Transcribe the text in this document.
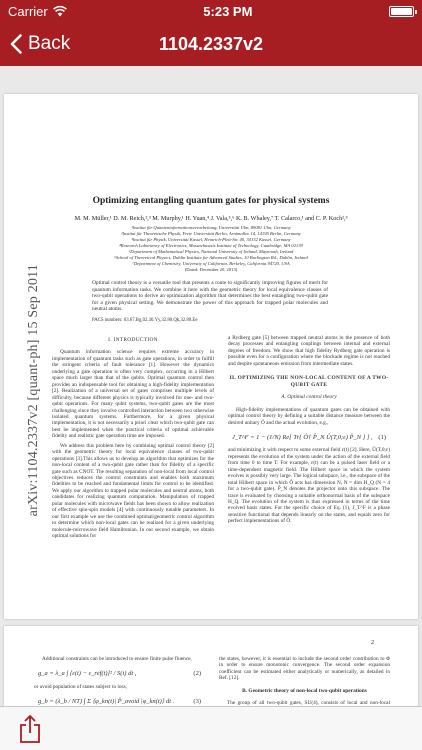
Carrier	5:23 PM
Back	1104.2337v2
arXiv:1104.2337v2 [quant-ph] 15 Sep 2011
Optimizing entangling quantum gates for physical systems
M. M. Müller,¹ D. M. Reich,²,³ M. Murphy,¹ H. Yuan,⁴ J. Vala,⁵,⁶ K. B. Whaley,⁷ T. Calarco,¹ and C. P. Koch²,³
¹Institut für Quanteninformationsverarbeitung, Universität Ulm, 89081 Ulm, Germany
²Institut für Theoretische Physik, Freie Universität Berlin, Arnimallee 14, 14195 Berlin, Germany
³Institut für Physik, Universität Kassel, Heinrich-Plett-Str. 40, 34132 Kassel, Germany
⁴Research Laboratory of Electronics, Massachusetts Institute of Technology, Cambridge, MA 02139
⁵Department of Mathematical Physics, National University of Ireland, Maynooth, Ireland
⁶School of Theoretical Physics, Dublin Institute for Advanced Studies, 10 Burlington Rd., Dublin, Ireland
⁷Department of Chemistry, University of California, Berkeley, California 94720, USA
(Dated: December 20, 2013)
Optimal control theory is a versatile tool that presents a route to significantly improving figures of merit for quantum information tasks. We combine it here with the geometric theory for local equivalence classes of two-qubit operations to derive an optimization algorithm that determines the best entangling two-qubit gate for a given physical setting. We demonstrate the power of this approach for trapped polar molecules and neutral atoms.
PACS numbers: 03.67.Bg,02.30.Yy,32.80.Qk,32.80.Ee
I. INTRODUCTION

Quantum information science requires extreme accuracy in implementation of quantum tasks such as gate operations, in order to fulfill the stringent criteria of fault tolerance [1]. However the dynamics underlying a gate operation is often very complex, occurring in a Hilbert space much larger than that of the qubits. Optimal quantum control then provides an indispensable tool for obtaining a high-fidelity implementation [2]. Realization of a universal set of gates comprises multiple levels of difficulty, because different physics is typically involved for one- and two-qubit operations. For many qubit systems, two-qubit gates are the most challenging since they involve controlled interaction between two otherwise isolated quantum systems. Furthermore, for a given physical implementation, it is not necessarily a priori clear which two-qubit gate can best be implemented when the practical criteria of optimal achievable fidelity and realistic gate operation time are imposed.

We address this problem here by combining optimal control theory [2] with the geometric theory for local equivalence classes of two-qubit operations [3].This allows us to develop an algorithm that optimizes for the non-local content of a two-qubit gate rather than for fidelity of a specific gate such as CNOT. The resulting separation of non-local from local control objectives reduces the control constraints and enables both maximum fidelities to be reached and fundamental limits for control to be identified. We apply our algorithm to trapped polar molecules and neutral atoms, both candidates for realizing quantum computation. Manipulation of trapped polar molecules with microwave fields has been shown to allow realization of effective spin-spin models [4] with continuously tunable parameters. In our first example we use the combined optimal/geometric control algorithm to determine which non-local gates can be realized for a given underlying molecule-microwave field Hamiltonian. In our second example, we obtain optimal solutions for

a Rydberg gate [5] between trapped neutral atoms in the presence of both decay processes and entangling couplings between internal and external degrees of freedom. We show that high fidelity Rydberg gate operation is possible even for a configuration where the blockade regime is not reached and despite spontaneous emission from intermediate states.

II. OPTIMIZING THE NON-LOCAL CONTENT OF A TWO-QUBIT GATE
A. Optimal control theory

High-fidelity implementations of quantum gates can be obtained with optimal control theory by defining a suitable distance measure between the desired unitary Ô and the actual evolution, e.g.,

J_T^F = 1 − (1/N) Re[ Tr{ Ô† P̂_N Û(T,0;ε) P̂_N } ] , (1)

and minimizing it with respect to some external field ε(t) [2]. Here, Û(T,0;ε) represents the evolution of the system under the action of the external field from time 0 to time T. For example, ε(t) can be a pulsed laser field or a time-dependent magnetic field. The Hilbert space in which the system evolves is possibly very large. The logical subspace, i.e., the subspace of the total Hilbert space in which Ô acts has dimension N, N = dim H_Q (N = 4 for a two-qubit gate). P̂_N denotes the projector onto this subspace. The trace is evaluated by choosing a suitable orthonormal basis of the subspace H_Q. The evolution of the system is thus expressed in terms of the time evolved basis states. For the specific choice of Eq. (1), J_T^F is a phase sensitive functional that depends linearly on the states, and equals zero for perfect implementations of Ô.

2

Additional constraints can be introduced to ensure finite pulse fluence,

g_a = λ_a ∫ [ε(t) − ε_ref(t)]² / S(t) dt ,	(2)

or avoid population of states subject to loss,

g_b = (λ_b / NT) ∫ Σ ⟨φ_kn(t)| P̂_avoid |φ_kn(t)⟩ dt .	(3)

the states, however, it is essential to include the second order contribution to Φ in order to ensure monotonic convergence. The second order expansion coefficient can be estimated either analytically or numerically, as detailed in Ref. [12].

B. Geometric theory of non-local two-qubit operations

The group of all two-qubit gates, SU(4), consists of local and non-local
